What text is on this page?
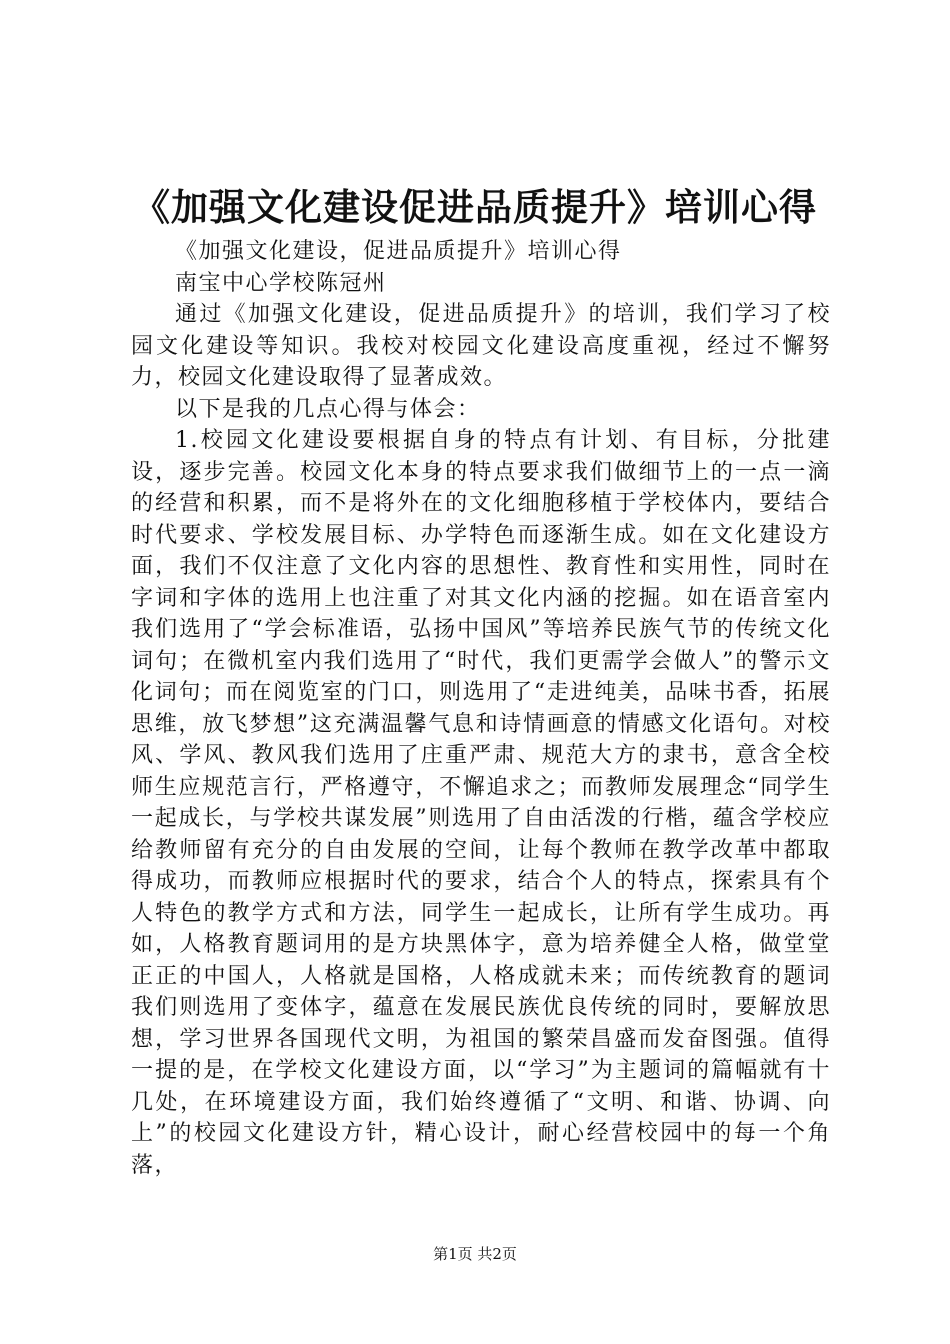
《加强文化建设促进品质提升》培训心得

《加强文化建设，促进品质提升》培训心得

南宝中心学校陈冠州

通过《加强文化建设，促进品质提升》的培训，我们学习了校园文化建设等知识。我校对校园文化建设高度重视，经过不懈努力，校园文化建设取得了显著成效。

以下是我的几点心得与体会：

1.校园文化建设要根据自身的特点有计划、有目标，分批建设，逐步完善。校园文化本身的特点要求我们做细节上的一点一滴的经营和积累，而不是将外在的文化细胞移植于学校体内，要结合时代要求、学校发展目标、办学特色而逐渐生成。如在文化建设方面，我们不仅注意了文化内容的思想性、教育性和实用性，同时在字词和字体的选用上也注重了对其文化内涵的挖掘。如在语音室内我们选用了“学会标准语，弘扬中国风”等培养民族气节的传统文化词句；在微机室内我们选用了“时代，我们更需学会做人”的警示文化词句；而在阅览室的门口，则选用了“走进纯美，品味书香，拓展思维，放飞梦想”这充满温馨气息和诗情画意的情感文化语句。对校风、学风、教风我们选用了庄重严肃、规范大方的隶书，意含全校师生应规范言行，严格遵守，不懈追求之；而教师发展理念“同学生一起成长，与学校共谋发展”则选用了自由活泼的行楷，蕴含学校应给教师留有充分的自由发展的空间，让每个教师在教学改革中都取得成功，而教师应根据时代的要求，结合个人的特点，探索具有个人特色的教学方式和方法，同学生一起成长，让所有学生成功。再如，人格教育题词用的是方块黑体字，意为培养健全人格，做堂堂正正的中国人，人格就是国格，人格成就未来；而传统教育的题词我们则选用了变体字，蕴意在发展民族优良传统的同时，要解放思想，学习世界各国现代文明，为祖国的繁荣昌盛而发奋图强。值得一提的是，在学校文化建设方面，以“学习”为主题词的篇幅就有十几处，在环境建设方面，我们始终遵循了“文明、和谐、协调、向上”的校园文化建设方针，精心设计，耐心经营校园中的每一个角落，

第1页 共2页
